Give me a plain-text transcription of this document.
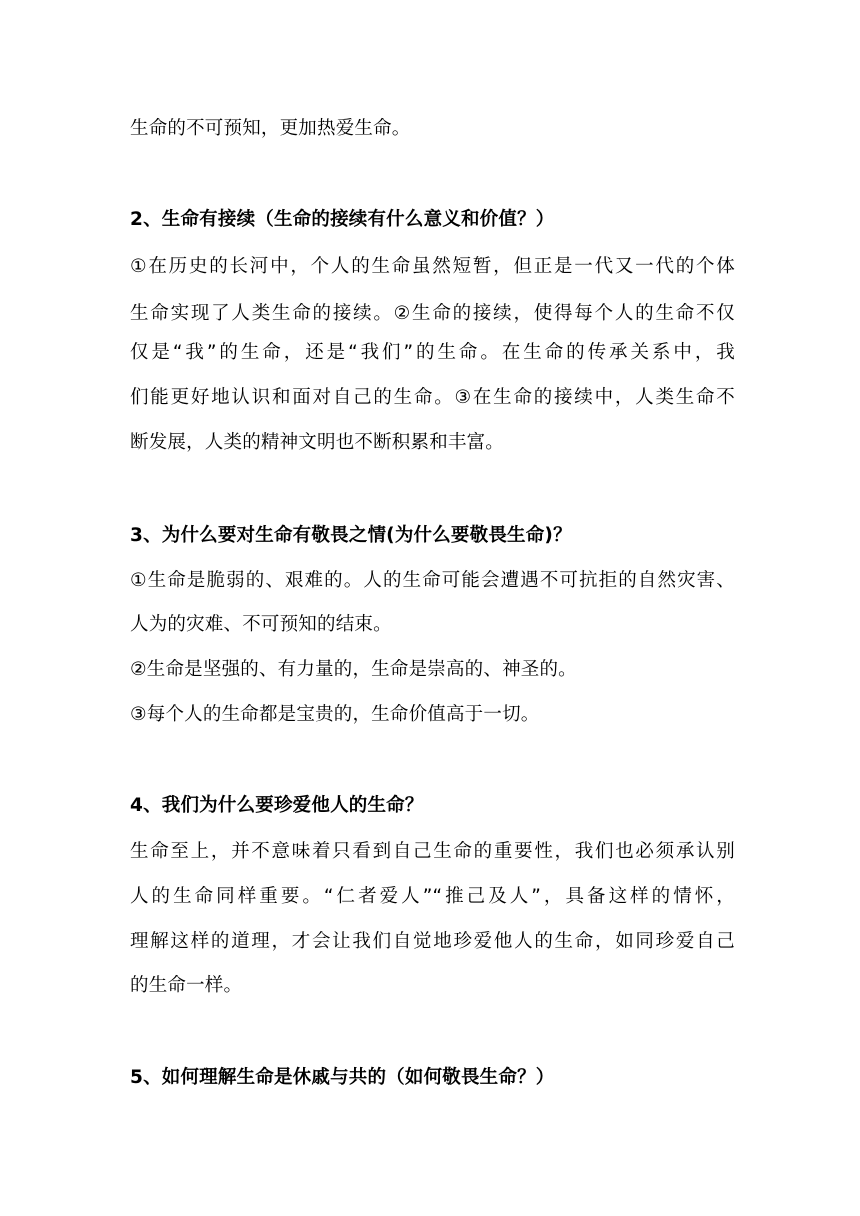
生命的不可预知，更加热爱生命。
2、生命有接续（生命的接续有什么意义和价值？）
①在历史的长河中，个人的生命虽然短暂，但正是一代又一代的个体
生命实现了人类生命的接续。②生命的接续，使得每个人的生命不仅
仅是“我”的生命，还是“我们”的生命。在生命的传承关系中，我
们能更好地认识和面对自己的生命。③在生命的接续中，人类生命不
断发展，人类的精神文明也不断积累和丰富。
3、为什么要对生命有敬畏之情(为什么要敬畏生命)？
①生命是脆弱的、艰难的。人的生命可能会遭遇不可抗拒的自然灾害、
人为的灾难、不可预知的结束。
②生命是坚强的、有力量的，生命是崇高的、神圣的。
③每个人的生命都是宝贵的，生命价值高于一切。
4、我们为什么要珍爱他人的生命？
生命至上，并不意味着只看到自己生命的重要性，我们也必须承认别
人的生命同样重要。“仁者爱人”“推己及人”，具备这样的情怀，
理解这样的道理，才会让我们自觉地珍爱他人的生命，如同珍爱自己
的生命一样。
5、如何理解生命是休戚与共的（如何敬畏生命？）
